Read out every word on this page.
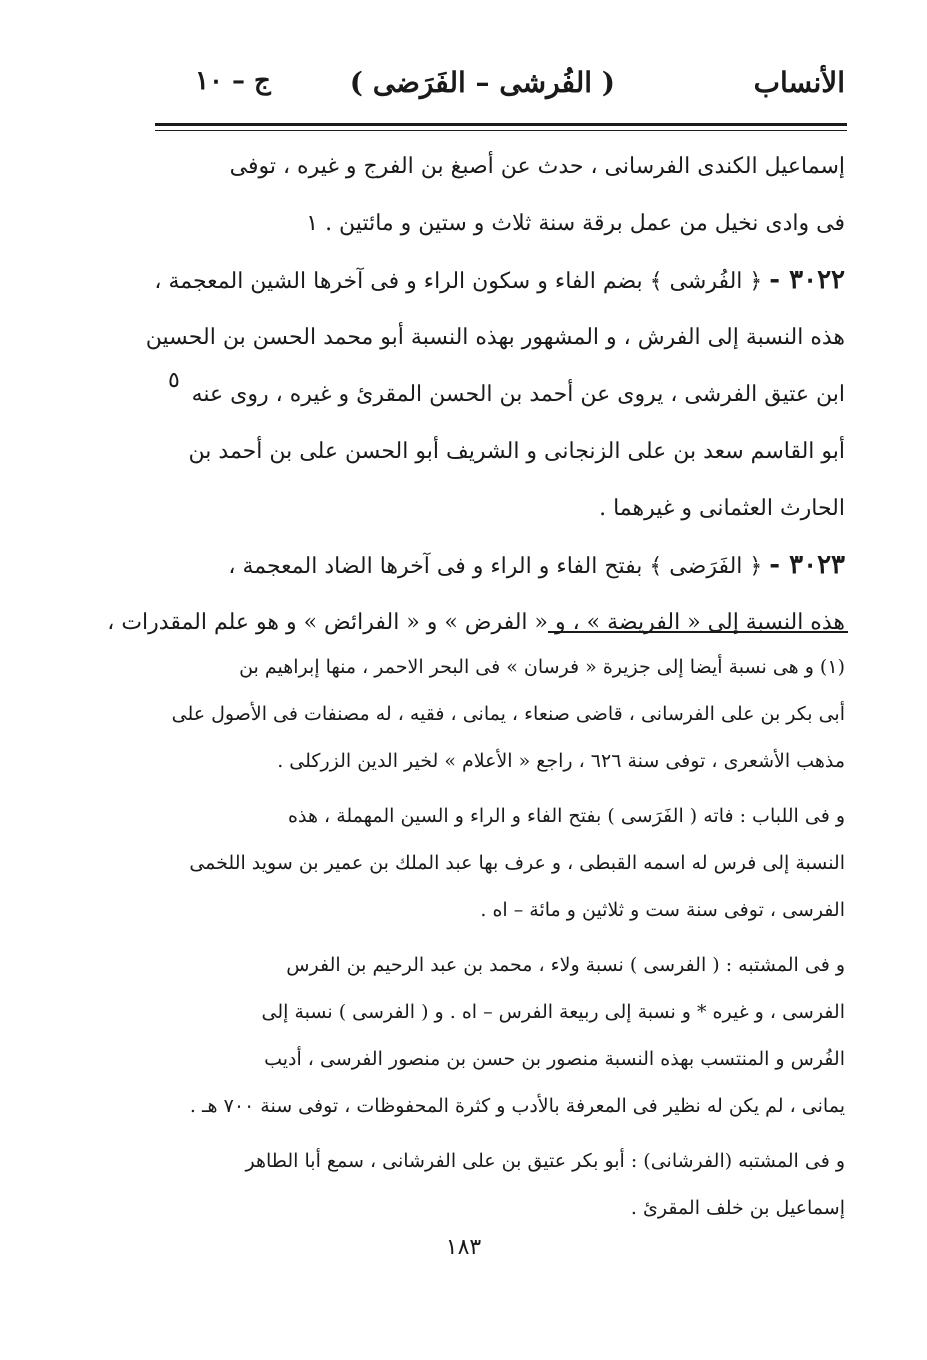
الأنساب
( الفُرشى – الفَرَضى )
ج – ١٠
إسماعيل الكندى الفرسانى ، حدث عن أصبغ بن الفرج و غيره ، توفى
فى وادى نخيل من عمل برقة سنة ثلاث و ستين و مائتين . ١
٣٠٢٢ - ﴿ الفُرشى ﴾ بضم الفاء و سكون الراء و فى آخرها الشين المعجمة ،
هذه النسبة إلى الفرش ، و المشهور بهذه النسبة أبو محمد الحسن بن الحسين
ابن عتيق الفرشى ، يروى عن أحمد بن الحسن المقرئ و غيره ، روى عنه
أبو القاسم سعد بن على الزنجانى و الشريف أبو الحسن على بن أحمد بن
الحارث العثمانى و غيرهما .
٣٠٢٣ - ﴿ الفَرَضى ﴾ بفتح الفاء و الراء و فى آخرها الضاد المعجمة ،
هذه النسبة إلى « الفريضة » ، و « الفرض » و « الفرائض » و هو علم المقدرات ،
٥
(١) و هى نسبة أيضا إلى جزيرة « فرسان » فى البحر الاحمر ، منها إبراهيم بن
أبى بكر بن على الفرسانى ، قاضى صنعاء ، يمانى ، فقيه ، له مصنفات فى الأصول على
مذهب الأشعرى ، توفى سنة ٦٢٦ ، راجع « الأعلام » لخير الدين الزركلى .
و فى اللباب : فاته ( الفَرَسى ) بفتح الفاء و الراء و السين المهملة ، هذه
النسبة إلى فرس له اسمه القبطى ، و عرف بها عبد الملك بن عمير بن سويد اللخمى
الفرسى ، توفى سنة ست و ثلاثين و مائة – اه .
و فى المشتبه : ( الفرسى ) نسبة ولاء ، محمد بن عبد الرحيم بن الفرس
الفرسى ، و غيره * و نسبة إلى ربيعة الفرس – اه . و ( الفرسى ) نسبة إلى
الفُرس و المنتسب بهذه النسبة منصور بن حسن بن منصور الفرسى ، أديب
يمانى ، لم يكن له نظير فى المعرفة بالأدب و كثرة المحفوظات ، توفى سنة ٧٠٠ هـ .
و فى المشتبه (الفرشانى) : أبو بكر عتيق بن على الفرشانى ، سمع أبا الطاهر
إسماعيل بن خلف المقرئ .
١٨٣
